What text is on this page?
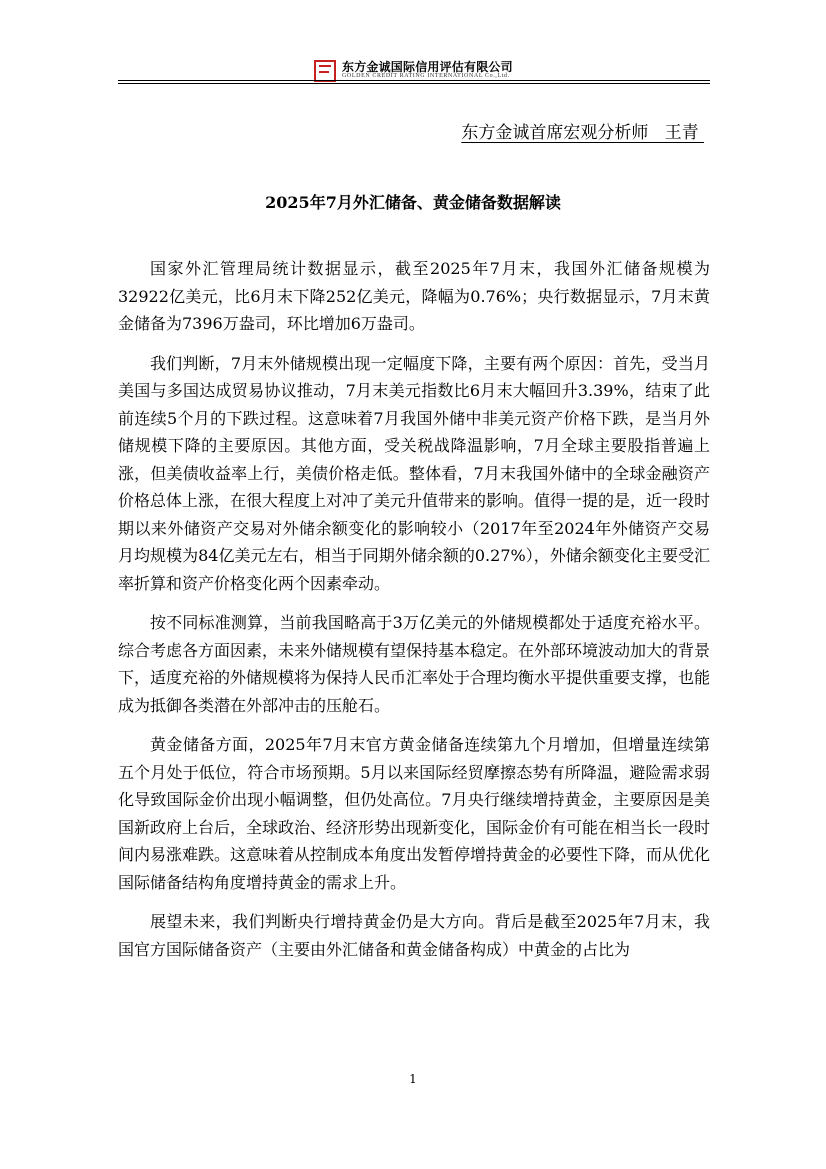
东方金诚国际信用评估有限公司
GOLDEN CREDIT RATING INTERNATIONAL Co.,Ltd.
东方金诚首席宏观分析师   王青
2025年7月外汇储备、黄金储备数据解读

国家外汇管理局统计数据显示，截至2025年7月末，我国外汇储备规模为32922亿美元，比6月末下降252亿美元，降幅为0.76%；央行数据显示，7月末黄金储备为7396万盎司，环比增加6万盎司。

我们判断，7月末外储规模出现一定幅度下降，主要有两个原因：首先，受当月美国与多国达成贸易协议推动，7月末美元指数比6月末大幅回升3.39%，结束了此前连续5个月的下跌过程。这意味着7月我国外储中非美元资产价格下跌，是当月外储规模下降的主要原因。其他方面，受关税战降温影响，7月全球主要股指普遍上涨，但美债收益率上行，美债价格走低。整体看，7月末我国外储中的全球金融资产价格总体上涨，在很大程度上对冲了美元升值带来的影响。值得一提的是，近一段时期以来外储资产交易对外储余额变化的影响较小（2017年至2024年外储资产交易月均规模为84亿美元左右，相当于同期外储余额的0.27%），外储余额变化主要受汇率折算和资产价格变化两个因素牵动。

按不同标准测算，当前我国略高于3万亿美元的外储规模都处于适度充裕水平。综合考虑各方面因素，未来外储规模有望保持基本稳定。在外部环境波动加大的背景下，适度充裕的外储规模将为保持人民币汇率处于合理均衡水平提供重要支撑，也能成为抵御各类潜在外部冲击的压舱石。

黄金储备方面，2025年7月末官方黄金储备连续第九个月增加，但增量连续第五个月处于低位，符合市场预期。5月以来国际经贸摩擦态势有所降温，避险需求弱化导致国际金价出现小幅调整，但仍处高位。7月央行继续增持黄金，主要原因是美国新政府上台后，全球政治、经济形势出现新变化，国际金价有可能在相当长一段时间内易涨难跌。这意味着从控制成本角度出发暂停增持黄金的必要性下降，而从优化国际储备结构角度增持黄金的需求上升。

展望未来，我们判断央行增持黄金仍是大方向。背后是截至2025年7月末，我国官方国际储备资产（主要由外汇储备和黄金储备构成）中黄金的占比为

1
